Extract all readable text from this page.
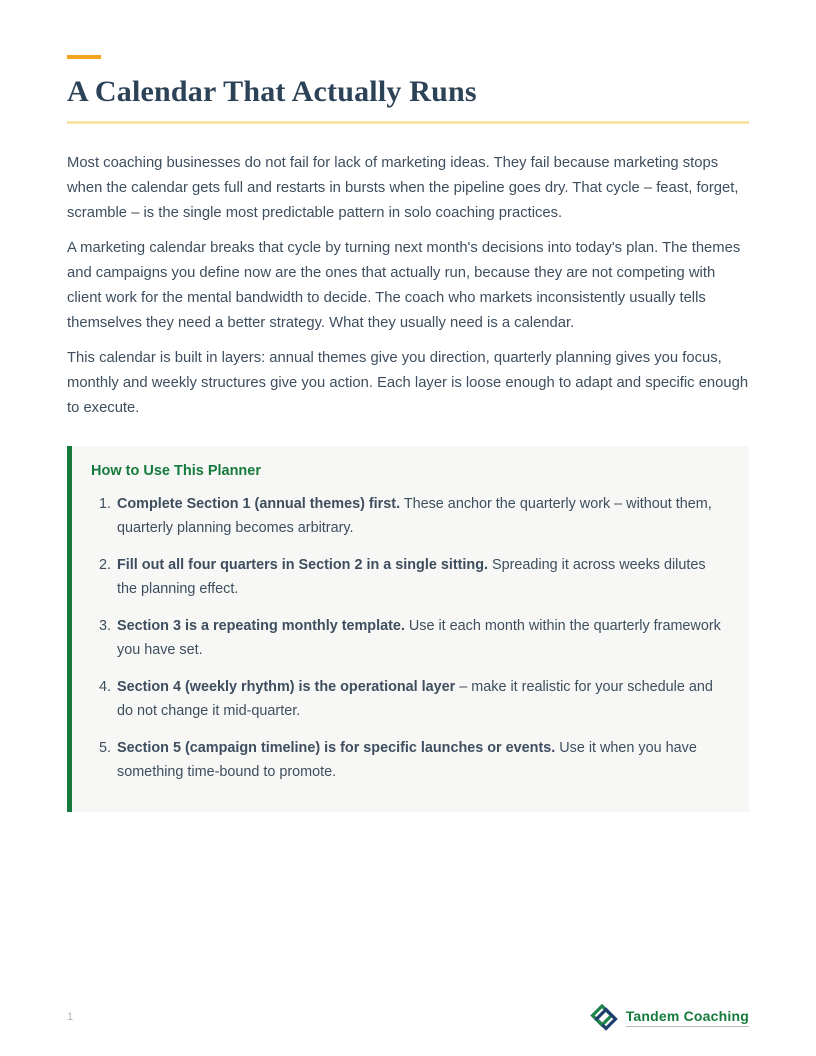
A Calendar That Actually Runs

Most coaching businesses do not fail for lack of marketing ideas. They fail because marketing stops when the calendar gets full and restarts in bursts when the pipeline goes dry. That cycle – feast, forget, scramble – is the single most predictable pattern in solo coaching practices.

A marketing calendar breaks that cycle by turning next month's decisions into today's plan. The themes and campaigns you define now are the ones that actually run, because they are not competing with client work for the mental bandwidth to decide. The coach who markets inconsistently usually tells themselves they need a better strategy. What they usually need is a calendar.

This calendar is built in layers: annual themes give you direction, quarterly planning gives you focus, monthly and weekly structures give you action. Each layer is loose enough to adapt and specific enough to execute.

How to Use This Planner
Complete Section 1 (annual themes) first. These anchor the quarterly work – without them, quarterly planning becomes arbitrary.
Fill out all four quarters in Section 2 in a single sitting. Spreading it across weeks dilutes the planning effect.
Section 3 is a repeating monthly template. Use it each month within the quarterly framework you have set.
Section 4 (weekly rhythm) is the operational layer – make it realistic for your schedule and do not change it mid-quarter.
Section 5 (campaign timeline) is for specific launches or events. Use it when you have something time-bound to promote.
1	Tandem Coaching
